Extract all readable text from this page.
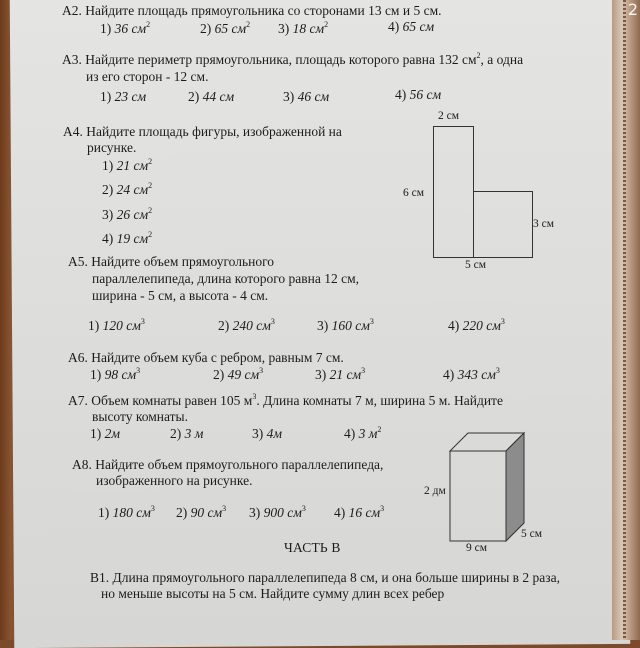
2
A2. Найдите площадь прямоугольника со сторонами 13 см и 5 см.
1) 36 $см^2$	2) 65 $см^2$ 3) 18 $см^2$	4) 65 см
A3. Найдите периметр прямоугольника, площадь которого равна 132 $см^2$, а одна
из его сторон - 12 см.
1) 23 см	2) 44 см	3) 46 см	4) 56 см
A4. Найдите площадь фигуры, изображенной на
рисунке.
1) 21 $см^2$
2) 24 $см^2$
3) 26 $см^2$
4) 19 $см^2$
2 см
6 см
3 см
5 см
A5. Найдите объем прямоугольного
параллелепипеда, длина которого равна 12 см,
ширина - 5 см, а высота - 4 см.
1) 120 $см^3$	2) 240 $см^3$	3) 160 $см^3$	4) 220 $см^3$
A6. Найдите объем куба с ребром, равным 7 см.
1) 98 $см^3$	2) 49 $см^3$	3) 21 $см^3$	4) 343 $см^3$
A7. Объем комнаты равен 105 $м^3$. Длина комнаты 7 м, ширина 5 м. Найдите
высоту комнаты.
1) 2м	2) 3 м	3) 4м	4) 3 $м^2$
A8. Найдите объем прямоугольного параллелепипеда,
изображенного на рисунке.
1) 180 $см^3$ 2) 90 $см^3$ 3) 900 $см^3$ 4) 16 $см^3$
2 дм
5 см
9 см
ЧАСТЬ В
B1. Длина прямоугольного параллелепипеда 8 см, и она больше ширины в 2 раза,
но меньше высоты на 5 см. Найдите сумму длин всех ребер
